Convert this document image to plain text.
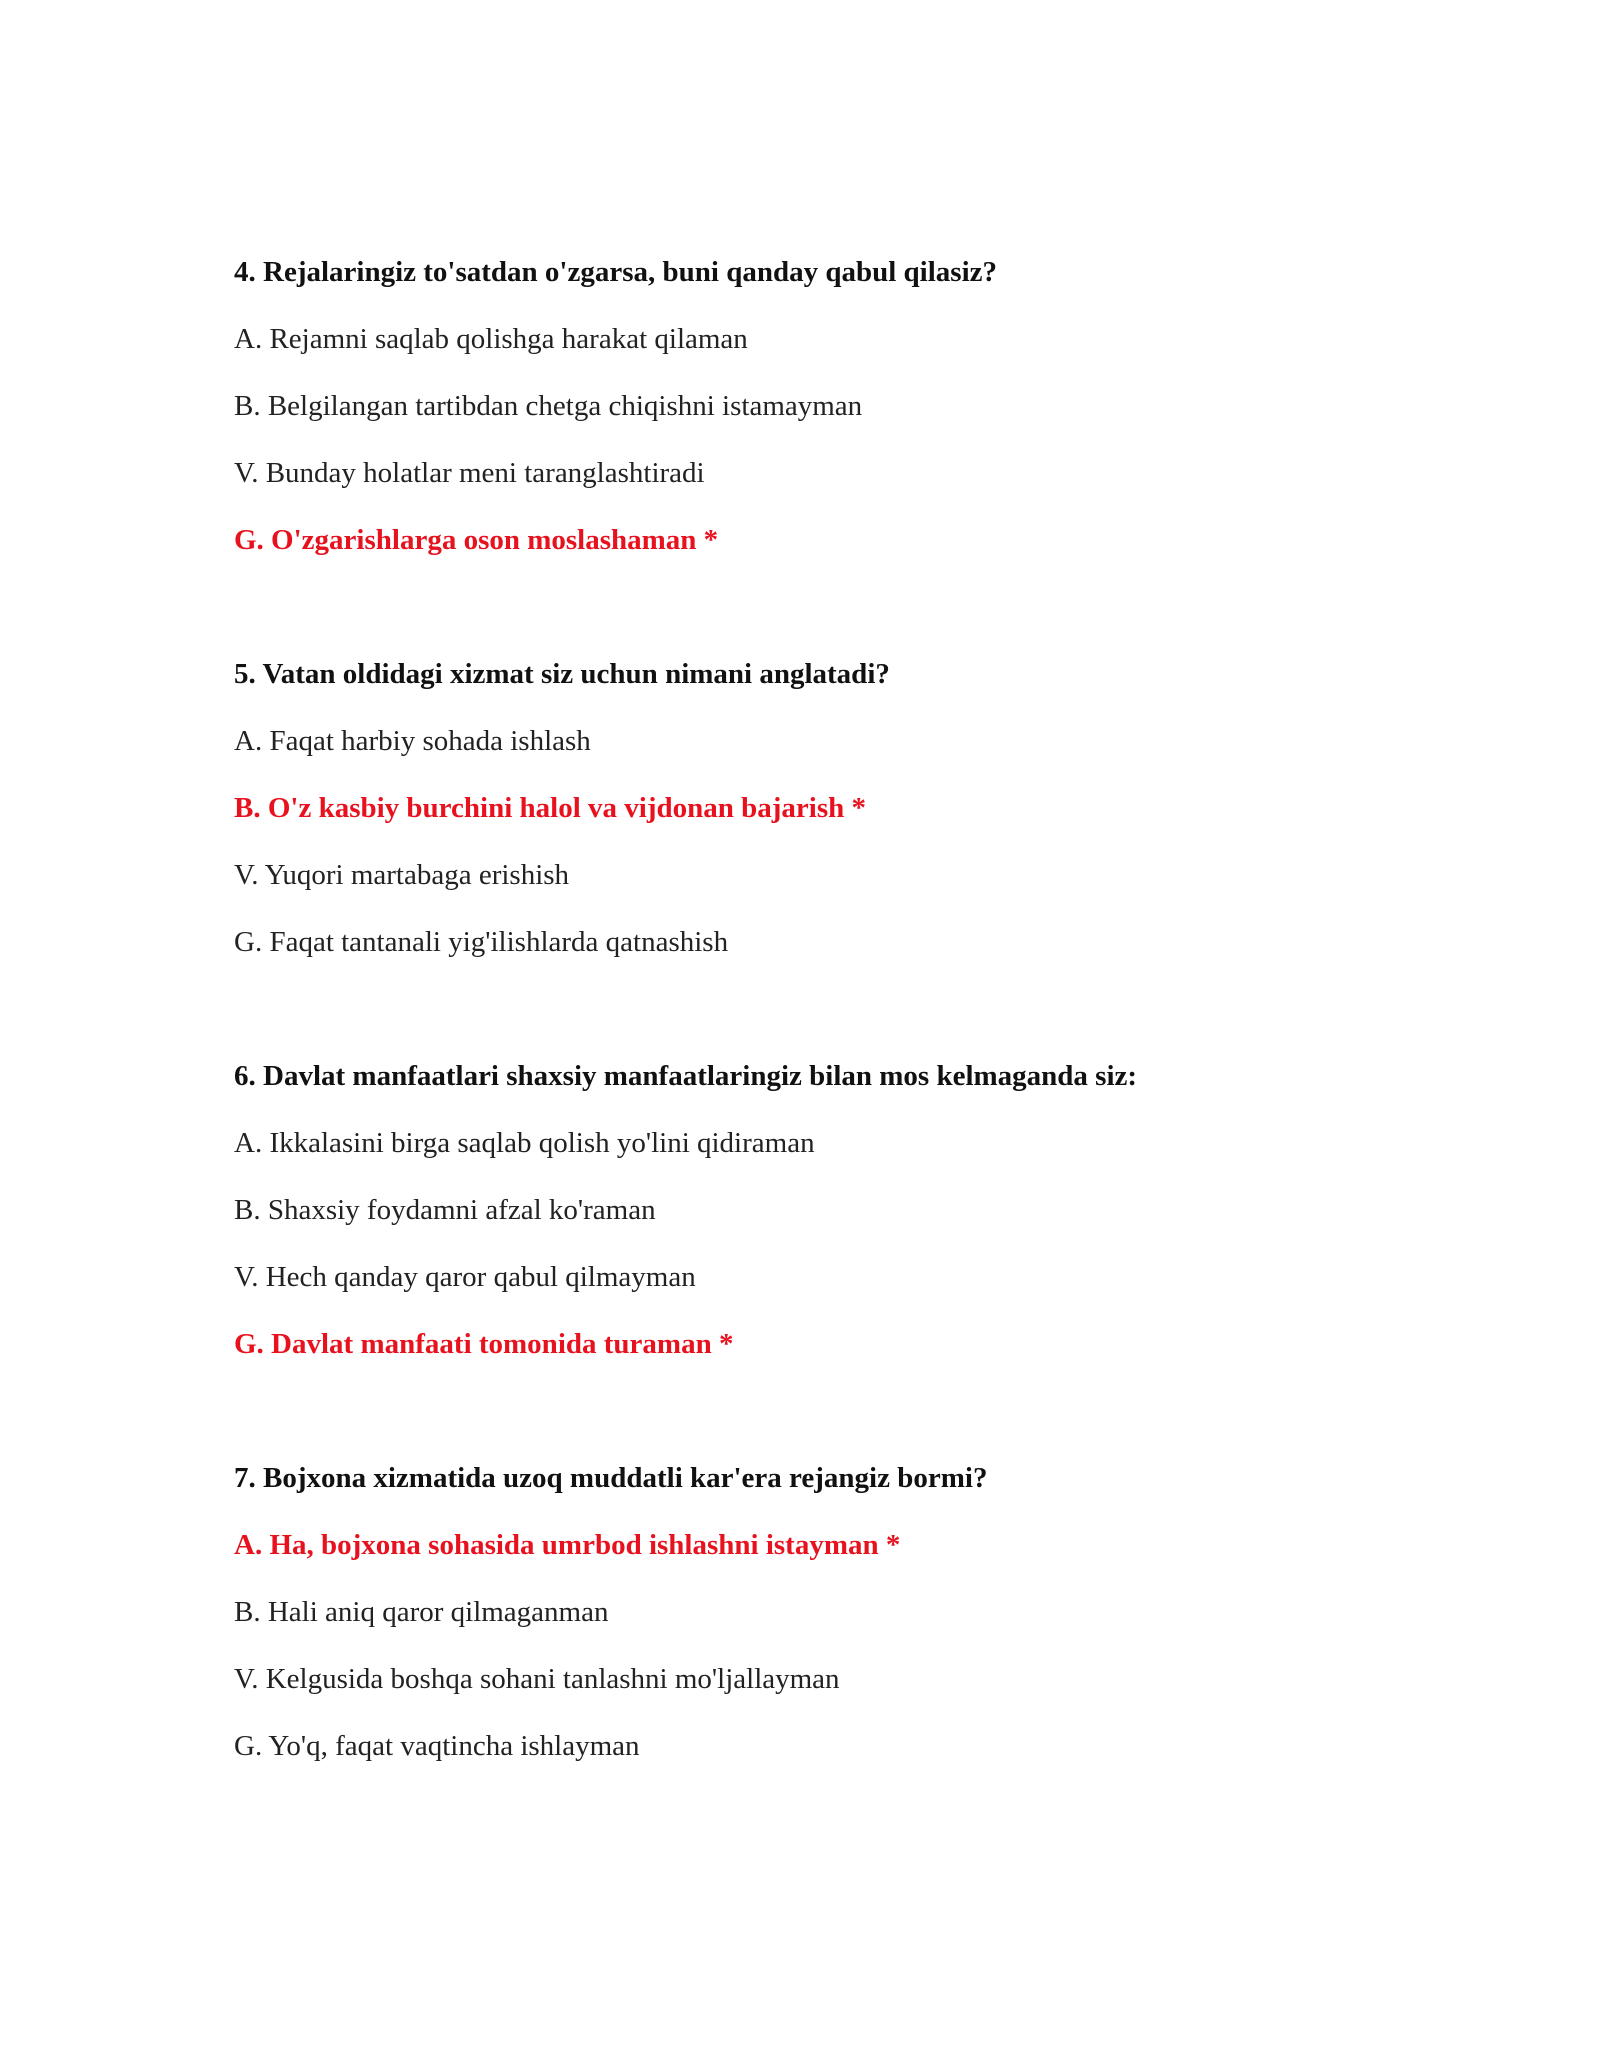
4. Rejalaringiz to'satdan o'zgarsa, buni qanday qabul qilasiz?
A. Rejamni saqlab qolishga harakat qilaman
B. Belgilangan tartibdan chetga chiqishni istamayman
V. Bunday holatlar meni taranglashtiradi
G. O'zgarishlarga oson moslashaman *
5. Vatan oldidagi xizmat siz uchun nimani anglatadi?
A. Faqat harbiy sohada ishlash
B. O'z kasbiy burchini halol va vijdonan bajarish *
V. Yuqori martabaga erishish
G. Faqat tantanali yig'ilishlarda qatnashish
6. Davlat manfaatlari shaxsiy manfaatlaringiz bilan mos kelmaganda siz:
A. Ikkalasini birga saqlab qolish yo'lini qidiraman
B. Shaxsiy foydamni afzal ko'raman
V. Hech qanday qaror qabul qilmayman
G. Davlat manfaati tomonida turaman *
7. Bojxona xizmatida uzoq muddatli kar'era rejangiz bormi?
A. Ha, bojxona sohasida umrbod ishlashni istayman *
B. Hali aniq qaror qilmaganman
V. Kelgusida boshqa sohani tanlashni mo'ljallayman
G. Yo'q, faqat vaqtincha ishlayman
